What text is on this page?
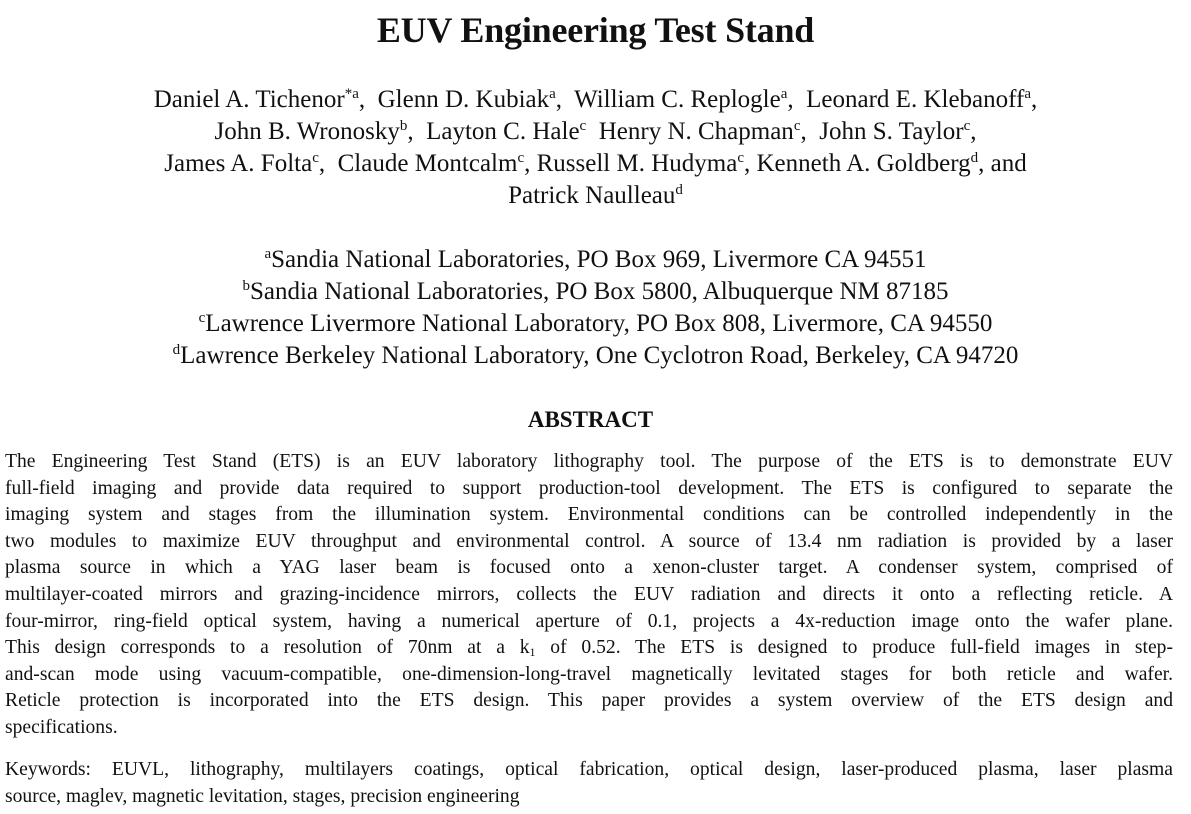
EUV Engineering Test Stand
Daniel A. Tichenor$^{*a}$,  Glenn D. Kubiak$^a$,  William C. Replogle$^a$,  Leonard E. Klebanoff$^a$,
John B. Wronosky$^b$,  Layton C. Hale$^c$ Henry N. Chapman$^c$,  John S. Taylor$^c$,
James A. Folta$^c$,  Claude Montcalm$^c$, Russell M. Hudyma$^c$, Kenneth A. Goldberg$^d$, and
Patrick Naulleau$^d$
$^a$Sandia National Laboratories, PO Box 969, Livermore CA 94551
$^b$Sandia National Laboratories, PO Box 5800, Albuquerque NM 87185
$^c$Lawrence Livermore National Laboratory, PO Box 808, Livermore, CA 94550
$^d$Lawrence Berkeley National Laboratory, One Cyclotron Road, Berkeley, CA 94720
ABSTRACT
The Engineering Test Stand (ETS) is an EUV laboratory lithography tool. The purpose of the ETS is to demonstrate EUV
full-field imaging and provide data required to support production-tool development. The ETS is configured to separate the
imaging system and stages from the illumination system. Environmental conditions can be controlled independently in the
two modules to maximize EUV throughput and environmental control. A source of 13.4 nm radiation is provided by a laser
plasma source in which a YAG laser beam is focused onto a xenon-cluster target. A condenser system, comprised of
multilayer-coated mirrors and grazing-incidence mirrors, collects the EUV radiation and directs it onto a reflecting reticle. A
four-mirror, ring-field optical system, having a numerical aperture of 0.1, projects a 4x-reduction image onto the wafer plane.
This design corresponds to a resolution of 70nm at a $k_1$ of 0.52. The ETS is designed to produce full-field images in step-
and-scan mode using vacuum-compatible, one-dimension-long-travel magnetically levitated stages for both reticle and wafer.
Reticle protection is incorporated into the ETS design. This paper provides a system overview of the ETS design and
specifications.
Keywords: EUVL, lithography, multilayers coatings, optical fabrication, optical design, laser-produced plasma, laser plasma
source, maglev, magnetic levitation, stages, precision engineering
